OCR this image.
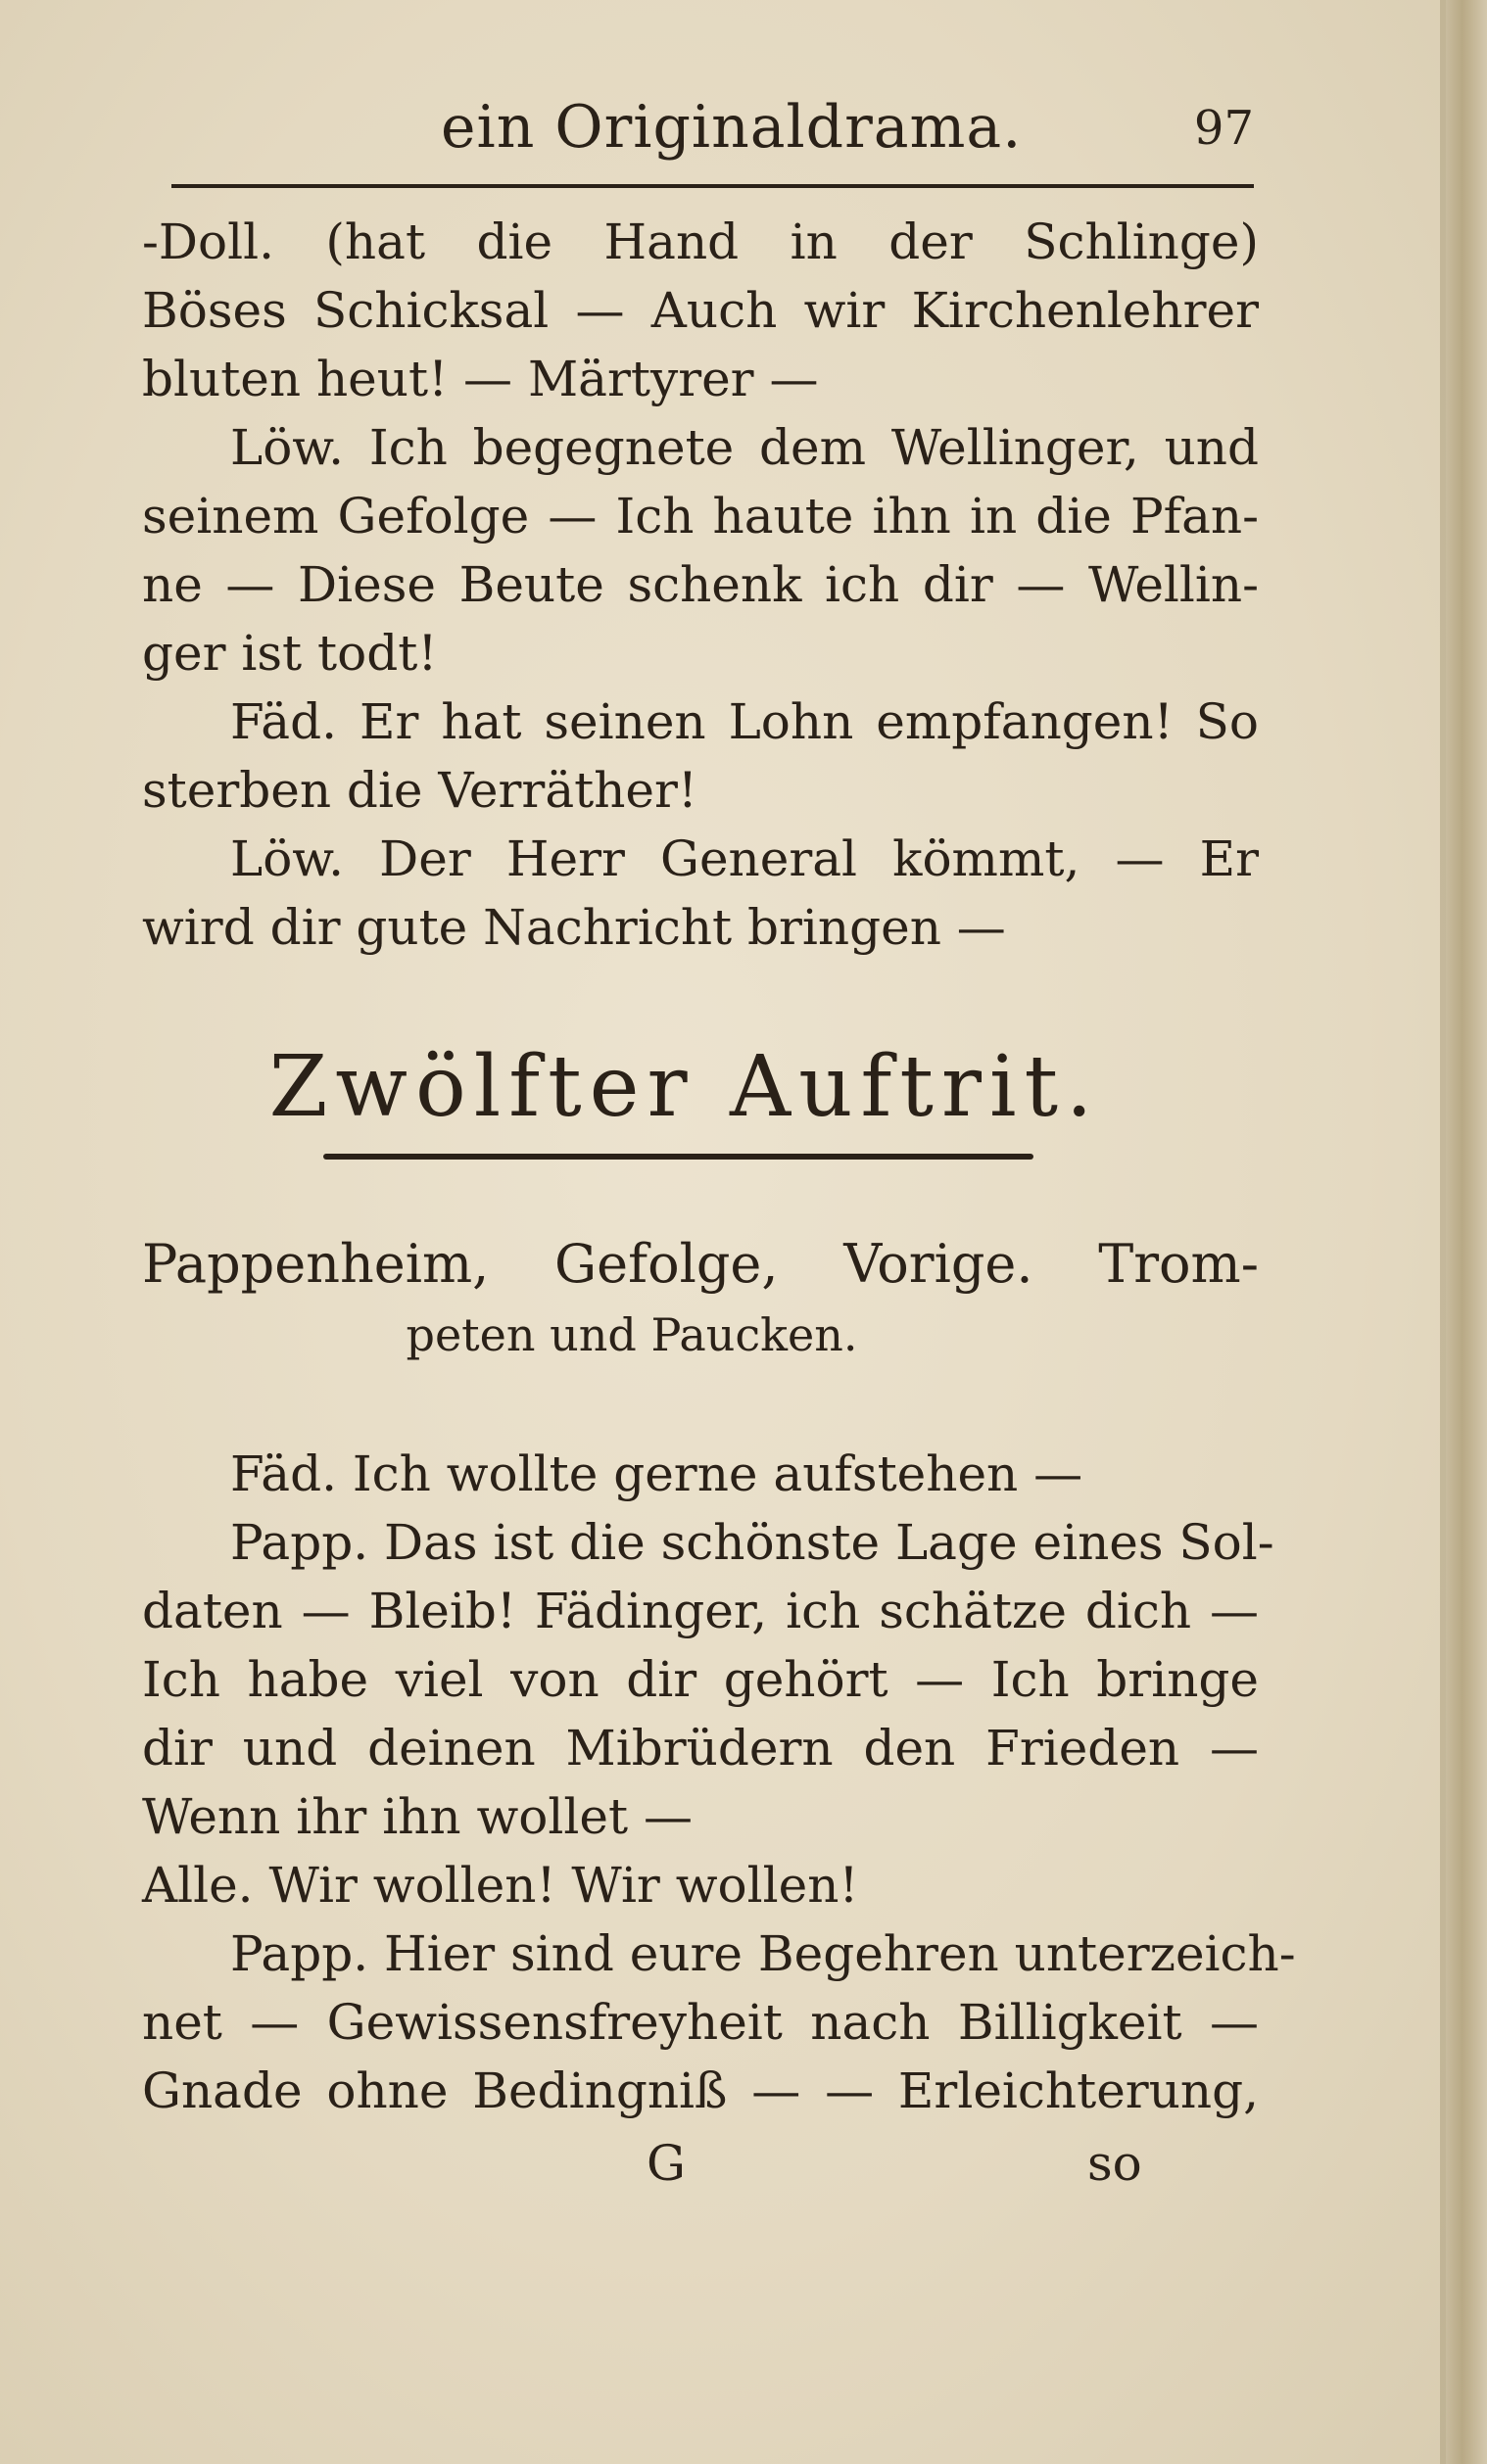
ein Originaldrama.	97
-Doll. (hat die Hand in der Schlinge)
Böses Schicksal — Auch wir Kirchenlehrer
bluten heut! — Märtyrer —
Löw. Ich begegnete dem Wellinger, und
seinem Gefolge — Ich haute ihn in die Pfan-
ne — Diese Beute schenk ich dir — Wellin-
ger ist todt!
Fäd. Er hat seinen Lohn empfangen! So
sterben die Verräther!
Löw. Der Herr General kömmt, — Er
wird dir gute Nachricht bringen —
Zwölfter Auftrit.
Pappenheim, Gefolge, Vorige. Trom-
peten und Paucken.
Fäd. Ich wollte gerne aufstehen —
Papp. Das ist die schönste Lage eines Sol-
daten — Bleib! Fädinger, ich schätze dich —
Ich habe viel von dir gehört — Ich bringe
dir und deinen Mibrüdern den Frieden —
Wenn ihr ihn wollet —
Alle. Wir wollen! Wir wollen!
Papp. Hier sind eure Begehren unterzeich-
net — Gewissensfreyheit nach Billigkeit —
Gnade ohne Bedingniß — — Erleichterung,
G	so
